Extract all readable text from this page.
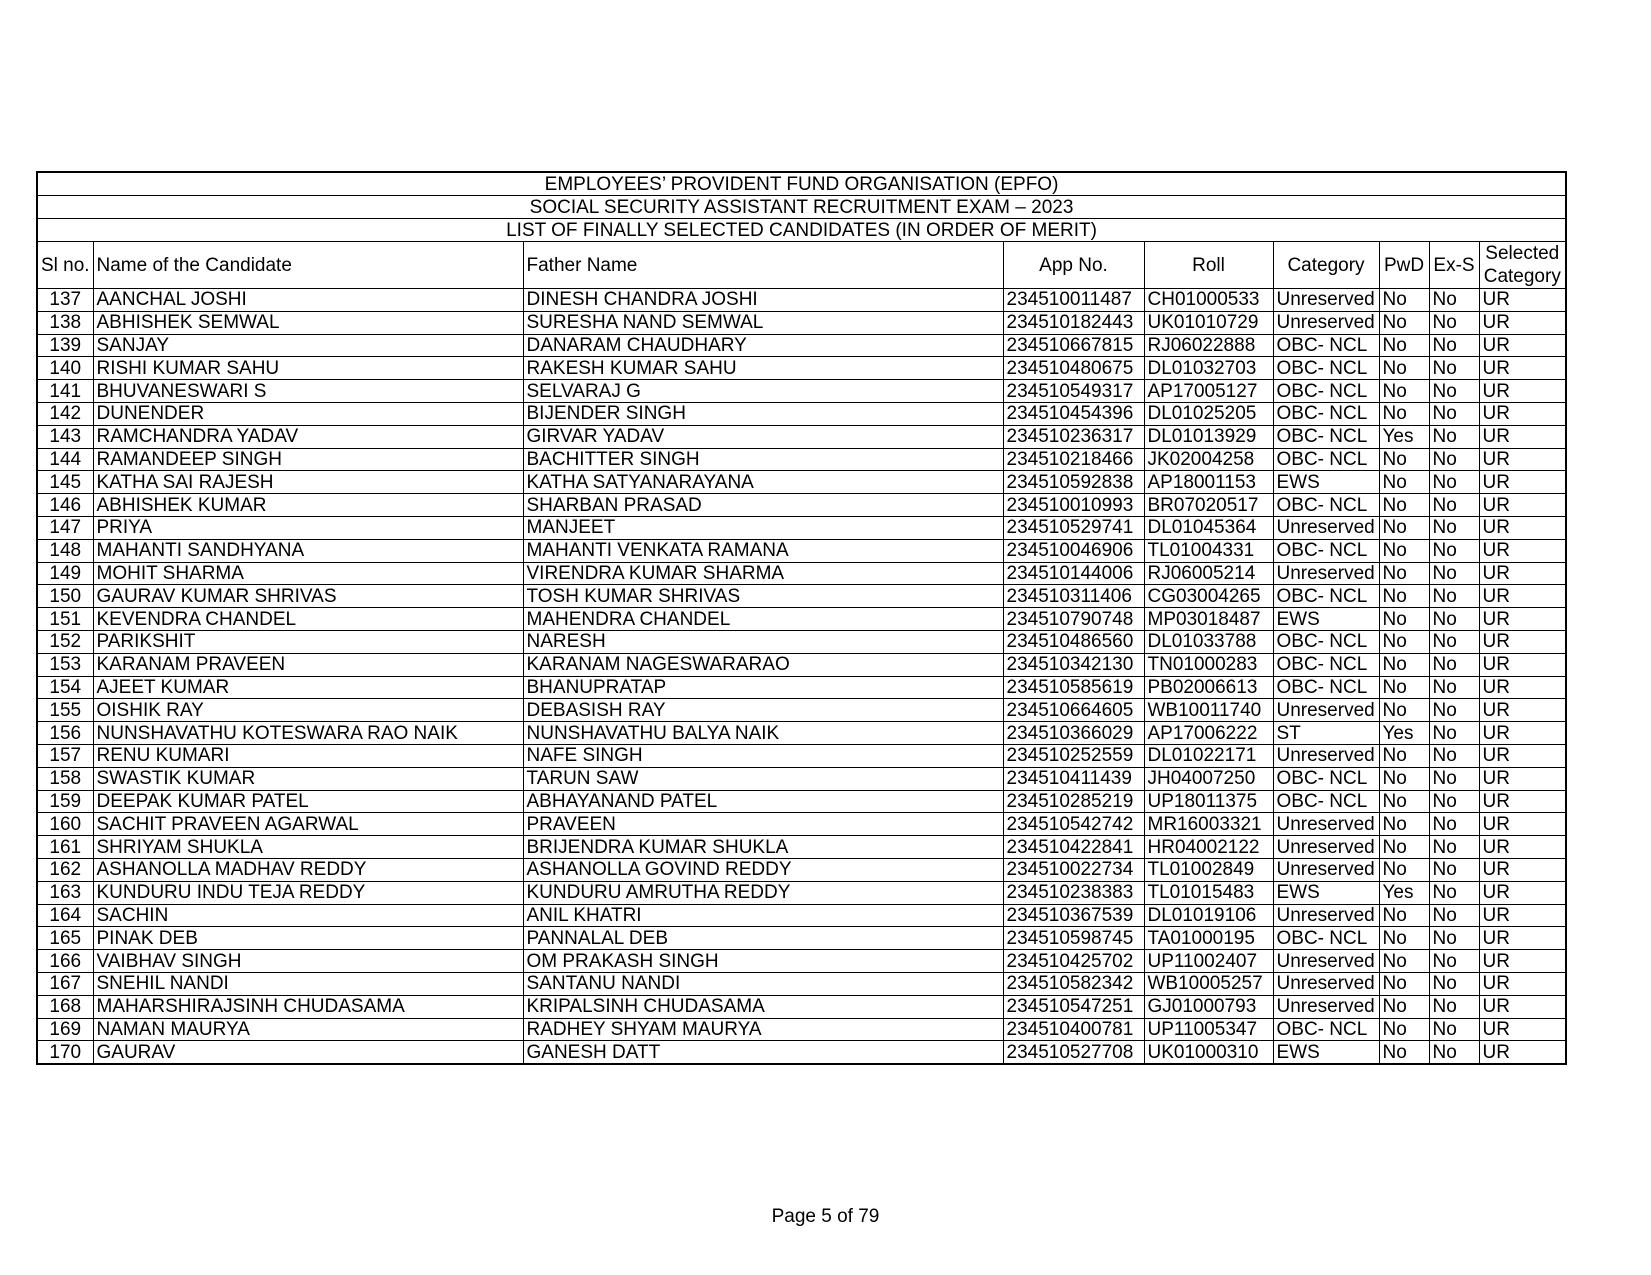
EMPLOYEES’ PROVIDENT FUND ORGANISATION (EPFO)								
SOCIAL SECURITY ASSISTANT RECRUITMENT EXAM – 2023								
LIST OF FINALLY SELECTED CANDIDATES (IN ORDER OF MERIT)								
Sl no.	Name of the Candidate	Father Name	App No.	Roll	Category	PwD	Ex-S	Selected Category
137	AANCHAL JOSHI	DINESH CHANDRA JOSHI	234510011487	CH01000533	Unreserved	No	No	UR
138	ABHISHEK SEMWAL	SURESHA NAND SEMWAL	234510182443	UK01010729	Unreserved	No	No	UR
139	SANJAY	DANARAM CHAUDHARY	234510667815	RJ06022888	OBC- NCL	No	No	UR
140	RISHI KUMAR SAHU	RAKESH KUMAR SAHU	234510480675	DL01032703	OBC- NCL	No	No	UR
141	BHUVANESWARI S	SELVARAJ G	234510549317	AP17005127	OBC- NCL	No	No	UR
142	DUNENDER	BIJENDER SINGH	234510454396	DL01025205	OBC- NCL	No	No	UR
143	RAMCHANDRA YADAV	GIRVAR YADAV	234510236317	DL01013929	OBC- NCL	Yes	No	UR
144	RAMANDEEP SINGH	BACHITTER SINGH	234510218466	JK02004258	OBC- NCL	No	No	UR
145	KATHA SAI RAJESH	KATHA SATYANARAYANA	234510592838	AP18001153	EWS	No	No	UR
146	ABHISHEK KUMAR	SHARBAN PRASAD	234510010993	BR07020517	OBC- NCL	No	No	UR
147	PRIYA	MANJEET	234510529741	DL01045364	Unreserved	No	No	UR
148	MAHANTI SANDHYANA	MAHANTI VENKATA RAMANA	234510046906	TL01004331	OBC- NCL	No	No	UR
149	MOHIT SHARMA	VIRENDRA KUMAR SHARMA	234510144006	RJ06005214	Unreserved	No	No	UR
150	GAURAV KUMAR SHRIVAS	TOSH KUMAR SHRIVAS	234510311406	CG03004265	OBC- NCL	No	No	UR
151	KEVENDRA CHANDEL	MAHENDRA CHANDEL	234510790748	MP03018487	EWS	No	No	UR
152	PARIKSHIT	NARESH	234510486560	DL01033788	OBC- NCL	No	No	UR
153	KARANAM PRAVEEN	KARANAM NAGESWARARAO	234510342130	TN01000283	OBC- NCL	No	No	UR
154	AJEET KUMAR	BHANUPRATAP	234510585619	PB02006613	OBC- NCL	No	No	UR
155	OISHIK RAY	DEBASISH RAY	234510664605	WB10011740	Unreserved	No	No	UR
156	NUNSHAVATHU KOTESWARA RAO NAIK	NUNSHAVATHU BALYA NAIK	234510366029	AP17006222	ST	Yes	No	UR
157	RENU KUMARI	NAFE SINGH	234510252559	DL01022171	Unreserved	No	No	UR
158	SWASTIK KUMAR	TARUN SAW	234510411439	JH04007250	OBC- NCL	No	No	UR
159	DEEPAK KUMAR PATEL	ABHAYANAND PATEL	234510285219	UP18011375	OBC- NCL	No	No	UR
160	SACHIT PRAVEEN AGARWAL	PRAVEEN	234510542742	MR16003321	Unreserved	No	No	UR
161	SHRIYAM SHUKLA	BRIJENDRA KUMAR SHUKLA	234510422841	HR04002122	Unreserved	No	No	UR
162	ASHANOLLA MADHAV REDDY	ASHANOLLA GOVIND REDDY	234510022734	TL01002849	Unreserved	No	No	UR
163	KUNDURU INDU TEJA REDDY	KUNDURU AMRUTHA REDDY	234510238383	TL01015483	EWS	Yes	No	UR
164	SACHIN	ANIL KHATRI	234510367539	DL01019106	Unreserved	No	No	UR
165	PINAK DEB	PANNALAL DEB	234510598745	TA01000195	OBC- NCL	No	No	UR
166	VAIBHAV SINGH	OM PRAKASH SINGH	234510425702	UP11002407	Unreserved	No	No	UR
167	SNEHIL NANDI	SANTANU NANDI	234510582342	WB10005257	Unreserved	No	No	UR
168	MAHARSHIRAJSINH CHUDASAMA	KRIPALSINH CHUDASAMA	234510547251	GJ01000793	Unreserved	No	No	UR
169	NAMAN MAURYA	RADHEY SHYAM MAURYA	234510400781	UP11005347	OBC- NCL	No	No	UR
170	GAURAV	GANESH DATT	234510527708	UK01000310	EWS	No	No	UR
Page 5 of 79
